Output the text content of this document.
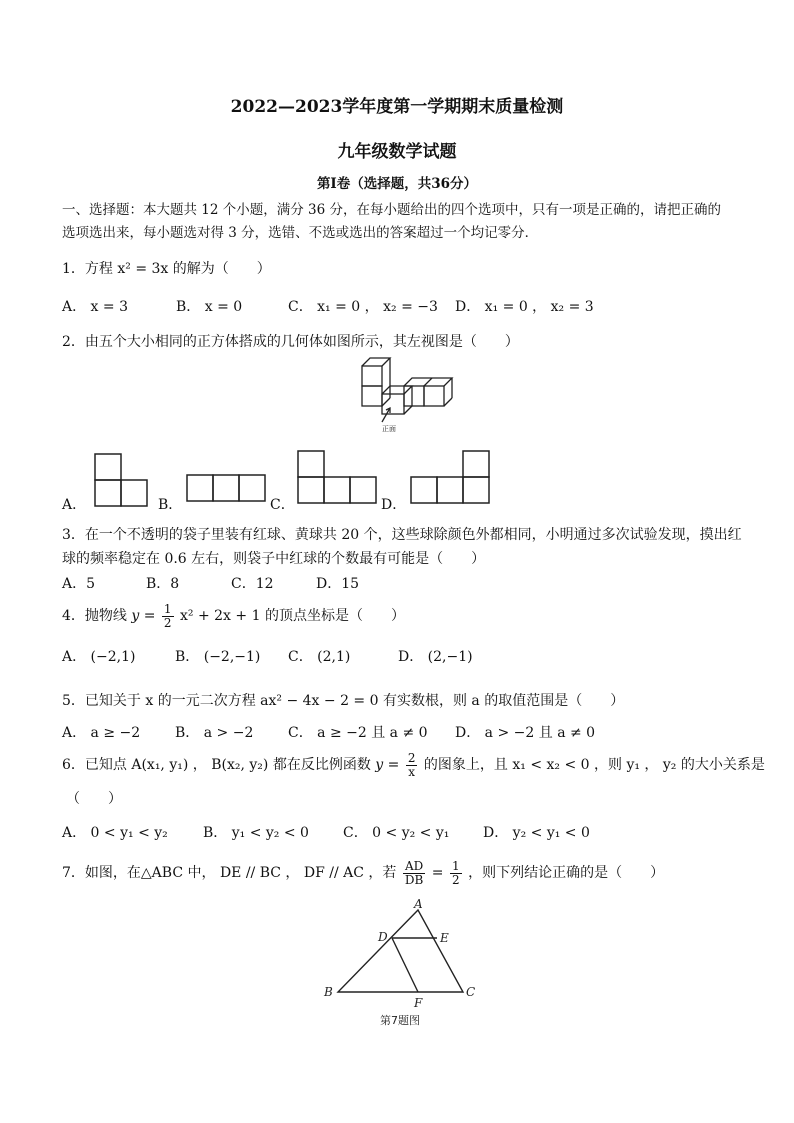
2022—2023学年度第一学期期末质量检测
九年级数学试题
第Ⅰ卷（选择题，共36分）
一、选择题：本大题共 12 个小题，满分 36 分，在每小题给出的四个选项中，只有一项是正确的，请把正确的
选项选出来，每小题选对得 3 分，选错、不选或选出的答案超过一个均记零分．
1．方程 x² = 3x 的解为（　　）
A． x = 3	B． x = 0	C． x₁ = 0 ， x₂ = −3 D． x₁ = 0 ， x₂ = 3
2．由五个大小相同的正方体搭成的几何体如图所示，其左视图是（　　）
正面
A．	B．	C．	D．
3．在一个不透明的袋子里装有红球、黄球共 20 个，这些球除颜色外都相同，小明通过多次试验发现，摸出红
球的频率稳定在 0.6 左右，则袋子中红球的个数最有可能是（　　）
A．5	B．8	C．12	D．15
4．抛物线 $y = \frac{1}{2} x^2 + 2x + 1$ 的顶点坐标是（　　）
A． (−2,1)	B． (−2,−1) C． (2,1)	D． (2,−1)
5．已知关于 x 的一元二次方程 ax² − 4x − 2 = 0 有实数根，则 a 的取值范围是（　　）
A． a ≥ −2 B． a > −2 C． a ≥ −2 且 a ≠ 0 D． a > −2 且 a ≠ 0
6．已知点 A(x₁, y₁) ， B(x₂, y₂) 都在反比例函数 $y = \frac{2}{x}$ 的图象上，且 x₁ < x₂ < 0 ，则 y₁ ， y₂ 的大小关系是
（　　）
A． 0 < y₁ < y₂	B． y₁ < y₂ < 0 C． 0 < y₂ < y₁ D． y₂ < y₁ < 0
7．如图，在△ABC 中， DE // BC ， DF // AC ，若 $\frac{AD}{DB} = \frac{1}{2}$ ，则下列结论正确的是（　　）
A
B	C
D	E
F
第7题图
